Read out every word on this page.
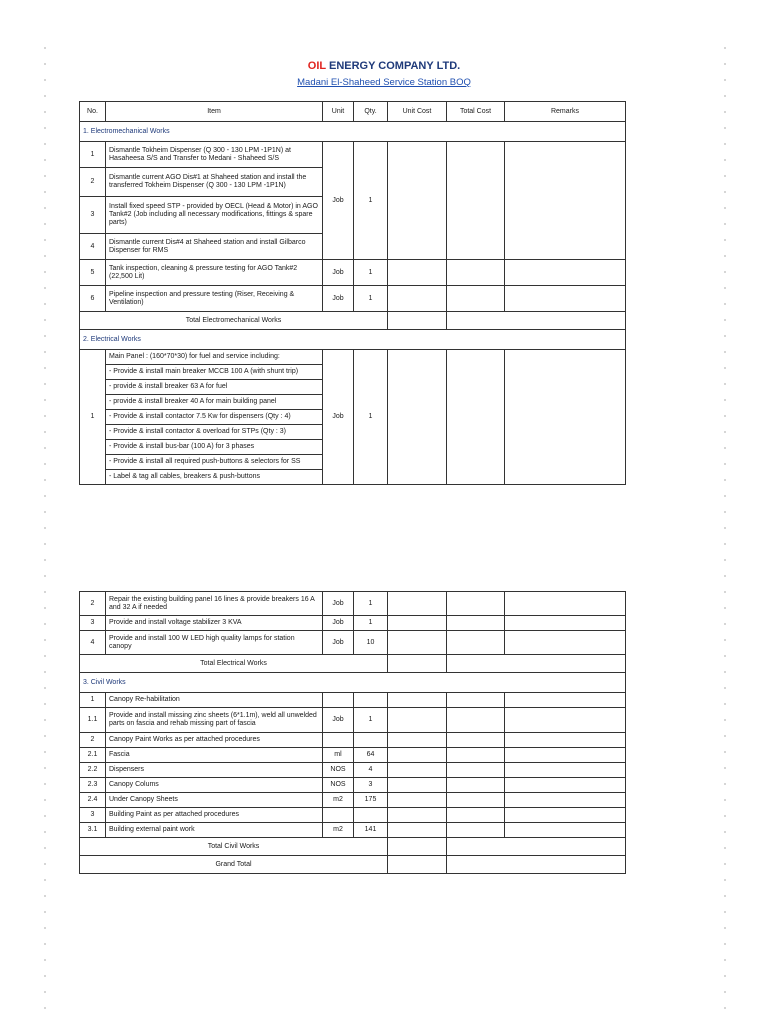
OIL ENERGY COMPANY LTD.
Madani El-Shaheed Service Station BOQ
No.	Item	Unit	Qty.	Unit Cost	Total Cost	Remarks
1. Electromechanical Works						
1	Dismantle Tokheim Dispenser (Q 300 - 130 LPM -1P1N) at Hasaheesa S/S and Transfer to Medani - Shaheed S/S	Job	1			
2	Dismantle current AGO Dis#1 at Shaheed station and install the transferred Tokheim Dispenser (Q 300 - 130 LPM -1P1N)					
3	Install fixed speed STP - provided by OECL (Head & Motor) in AGO Tank#2 (Job including all necessary modifications, fittings & spare parts)					
4	Dismantle current Dis#4 at Shaheed station and install Gilbarco Dispenser for RMS					
5	Tank inspection, cleaning & pressure testing for AGO Tank#2 (22,500 Lit)	Job	1			
6	Pipeline inspection and pressure testing (Riser, Receiving & Ventilation)	Job	1			
Total Electromechanical Works						
2. Electrical Works						
1	Main Panel : (160*70*30) for fuel and service including:	Job	1			
	- Provide & install main breaker MCCB 100 A (with shunt trip)					
	- provide & install breaker 63 A for fuel					
	- provide & install breaker 40 A for main building panel					
	- Provide & install contactor 7.5 Kw for dispensers (Qty : 4)					
	- Provide & install contactor & overload for STPs (Qty : 3)					
	- Provide & install bus-bar (100 A) for 3 phases					
	- Provide & install all required push-buttons & selectors for SS					
	- Label & tag all cables, breakers & push-buttons					
2	Repair the existing building panel 16 lines & provide breakers 16 A and 32 A if needed	Job	1			
3	Provide and install voltage stabilizer 3 KVA	Job	1			
4	Provide and install 100 W LED high quality lamps for station canopy	Job	10			
Total Electrical Works						
3. Civil Works						
1	Canopy Re-habilitation					
1.1	Provide and install missing zinc sheets (6*1.1m), weld all unwelded parts on fascia and rehab missing part of fascia	Job	1			
2	Canopy Paint Works as per attached procedures					
2.1	Fascia	ml	64			
2.2	Dispensers	NOS	4			
2.3	Canopy Colums	NOS	3			
2.4	Under Canopy Sheets	m2	175			
3	Building Paint as per attached procedures					
3.1	Building external paint work	m2	141			
Total Civil Works						
Grand Total						
